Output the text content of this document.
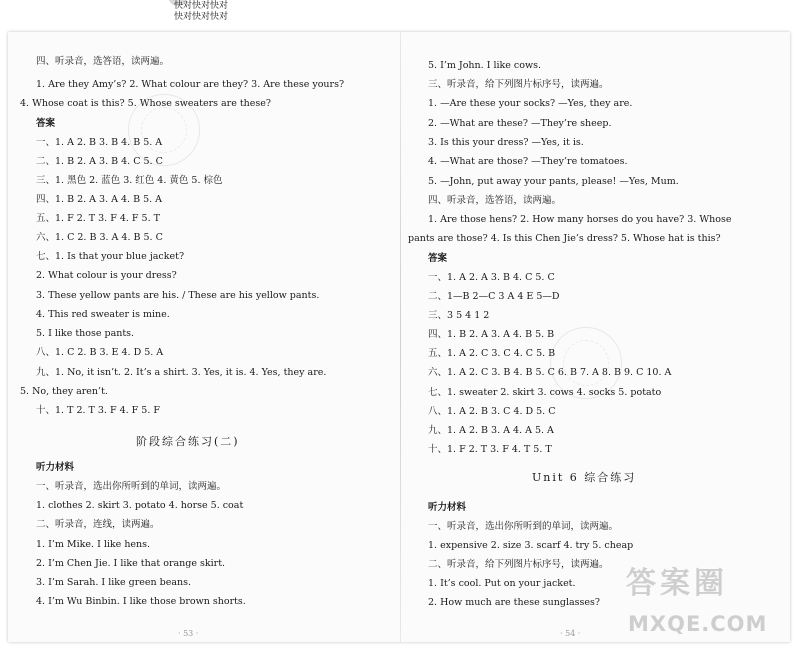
快对快对快对
快对快对快对
阶段综合练习(二)
· 53 ·
四、听录音，选答语，读两遍。
1. Are they Amy’s? 2. What colour are they? 3. Are these yours?
4. Whose coat is this? 5. Whose sweaters are these?
答案
一、1. A 2. B 3. B 4. B 5. A
二、1. B 2. A 3. B 4. C 5. C
三、1. 黑色 2. 蓝色 3. 红色 4. 黄色 5. 棕色
四、1. B 2. A 3. A 4. B 5. A
五、1. F 2. T 3. F 4. F 5. T
六、1. C 2. B 3. A 4. B 5. C
七、1. Is that your blue jacket?
2. What colour is your dress?
3. These yellow pants are his. / These are his yellow pants.
4. This red sweater is mine.
5. I like those pants.
八、1. C 2. B 3. E 4. D 5. A
九、1. No, it isn’t. 2. It’s a shirt. 3. Yes, it is. 4. Yes, they are.
5. No, they aren’t.
十、1. T 2. T 3. F 4. F 5. F
听力材料
一、听录音，选出你所听到的单词，读两遍。
1. clothes 2. skirt 3. potato 4. horse 5. coat
二、听录音，连线，读两遍。
1. I’m Mike. I like hens.
2. I’m Chen Jie. I like that orange skirt.
3. I’m Sarah. I like green beans.
4. I’m Wu Binbin. I like those brown shorts.
Unit 6 综合练习
· 54 ·
5. I’m John. I like cows.
三、听录音，给下列图片标序号，读两遍。
1. —Are these your socks? —Yes, they are.
2. —What are these? —They’re sheep.
3. Is this your dress? —Yes, it is.
4. —What are those? —They’re tomatoes.
5. —John, put away your pants, please! —Yes, Mum.
四、听录音，选答语，读两遍。
1. Are those hens? 2. How many horses do you have? 3. Whose
pants are those? 4. Is this Chen Jie’s dress? 5. Whose hat is this?
答案
一、1. A 2. A 3. B 4. C 5. C
二、1—B 2—C 3 A 4 E 5—D
三、3 5 4 1 2
四、1. B 2. A 3. A 4. B 5. B
五、1. A 2. C 3. C 4. C 5. B
六、1. A 2. C 3. B 4. B 5. C 6. B 7. A 8. B 9. C 10. A
七、1. sweater 2. skirt 3. cows 4. socks 5. potato
八、1. A 2. B 3. C 4. D 5. C
九、1. A 2. B 3. A 4. A 5. A
十、1. F 2. T 3. F 4. T 5. T
听力材料
一、听录音，选出你所听到的单词，读两遍。
1. expensive 2. size 3. scarf 4. try 5. cheap
二、听录音，给下列图片标序号，读两遍。
1. It’s cool. Put on your jacket.
2. How much are these sunglasses?
答案圈
MXQE.COM
